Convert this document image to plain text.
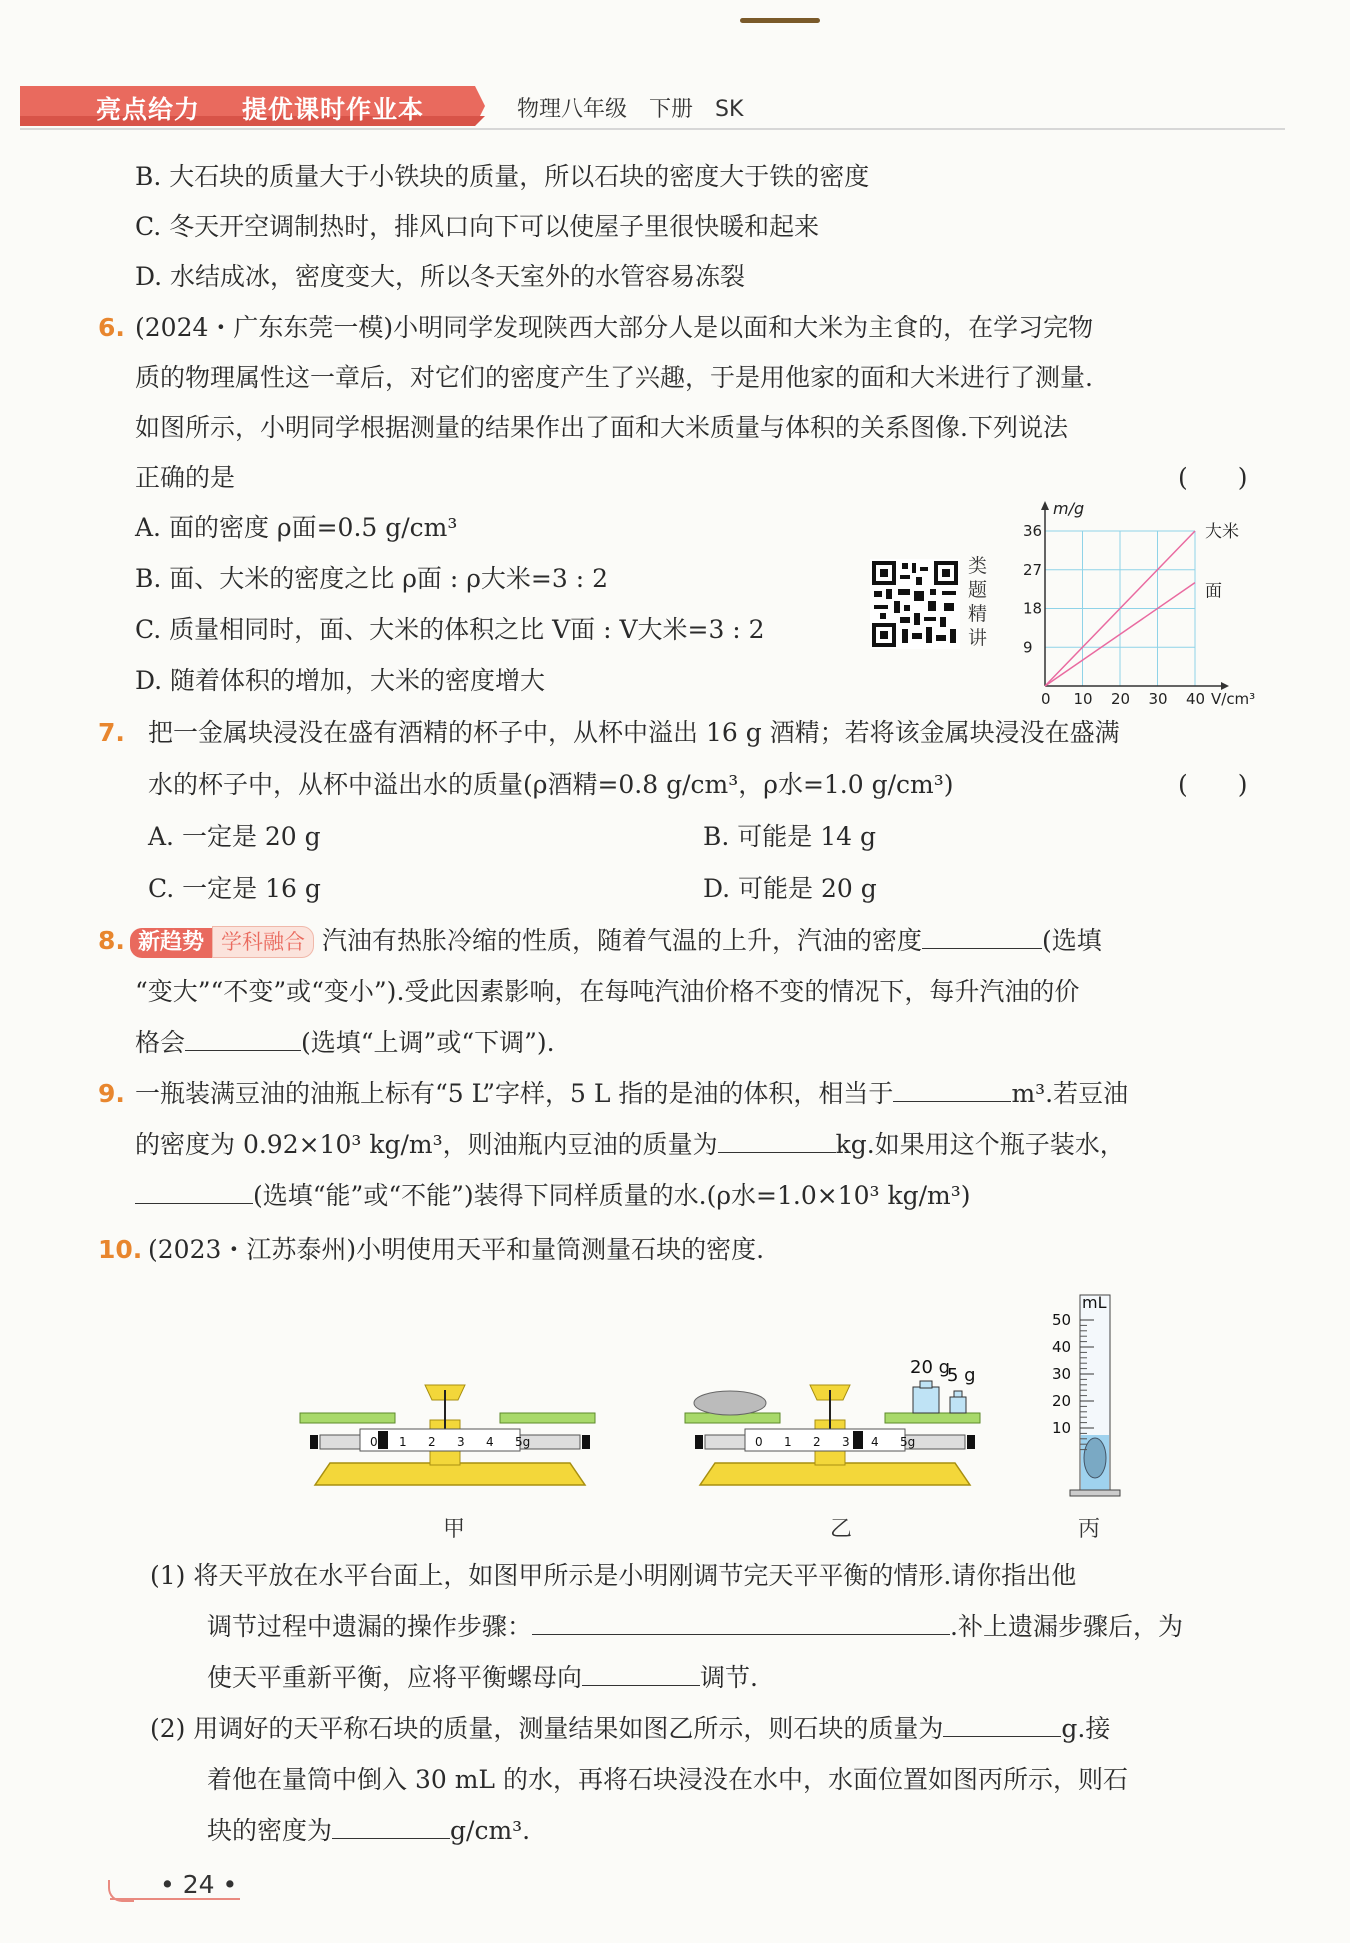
亮点给力 提优课时作业本	物理八年级　下册　SK
B. 大石块的质量大于小铁块的质量，所以石块的密度大于铁的密度
C. 冬天开空调制热时，排风口向下可以使屋子里很快暖和起来
D. 水结成冰，密度变大，所以冬天室外的水管容易冻裂
6. (2024・广东东莞一模)小明同学发现陕西大部分人是以面和大米为主食的，在学习完物
质的物理属性这一章后，对它们的密度产生了兴趣，于是用他家的面和大米进行了测量.
如图所示，小明同学根据测量的结果作出了面和大米质量与体积的关系图像.下列说法
正确的是	(　　)
A. 面的密度 ρ面=0.5 g/cm³
B. 面、大米的密度之比 ρ面 : ρ大米=3 : 2
C. 质量相同时，面、大米的体积之比 V面 : V大米=3 : 2
D. 随着体积的增加，大米的密度增大
类题精讲
0 10 20 30 40
9
18
27
36
m/g
V/cm³
大米
面
7. 把一金属块浸没在盛有酒精的杯子中，从杯中溢出 16 g 酒精；若将该金属块浸没在盛满
水的杯子中，从杯中溢出水的质量(ρ酒精=0.8 g/cm³，ρ水=1.0 g/cm³)	(　　)
A. 一定是 20 g	B. 可能是 14 g
C. 一定是 16 g	D. 可能是 20 g
8. 新趋势 学科融合 汽油有热胀冷缩的性质，随着气温的上升，汽油的密度	(选填
“变大”“不变”或“变小”).受此因素影响，在每吨汽油价格不变的情况下，每升汽油的价
格会	(选填“上调”或“下调”).
9. 一瓶装满豆油的油瓶上标有“5 L”字样，5 L 指的是油的体积，相当于	m³.若豆油
的密度为 0.92×10³ kg/m³，则油瓶内豆油的质量为	kg.如果用这个瓶子装水，
(选填“能”或“不能”)装得下同样质量的水.(ρ水=1.0×10³ kg/m³)
10. (2023・江苏泰州)小明使用天平和量筒测量石块的密度.
0 1 2 3 4 5g
甲
0 1 2 3 4 5g
20 g
5 g
乙
mL
50
40
30
20
10
丙
(1) 将天平放在水平台面上，如图甲所示是小明刚调节完天平平衡的情形.请你指出他
调节过程中遗漏的操作步骤：	.补上遗漏步骤后，为
使天平重新平衡，应将平衡螺母向	调节.
(2) 用调好的天平称石块的质量，测量结果如图乙所示，则石块的质量为	g.接
着他在量筒中倒入 30 mL 的水，再将石块浸没在水中，水面位置如图丙所示，则石
块的密度为	g/cm³.
• 24 •
